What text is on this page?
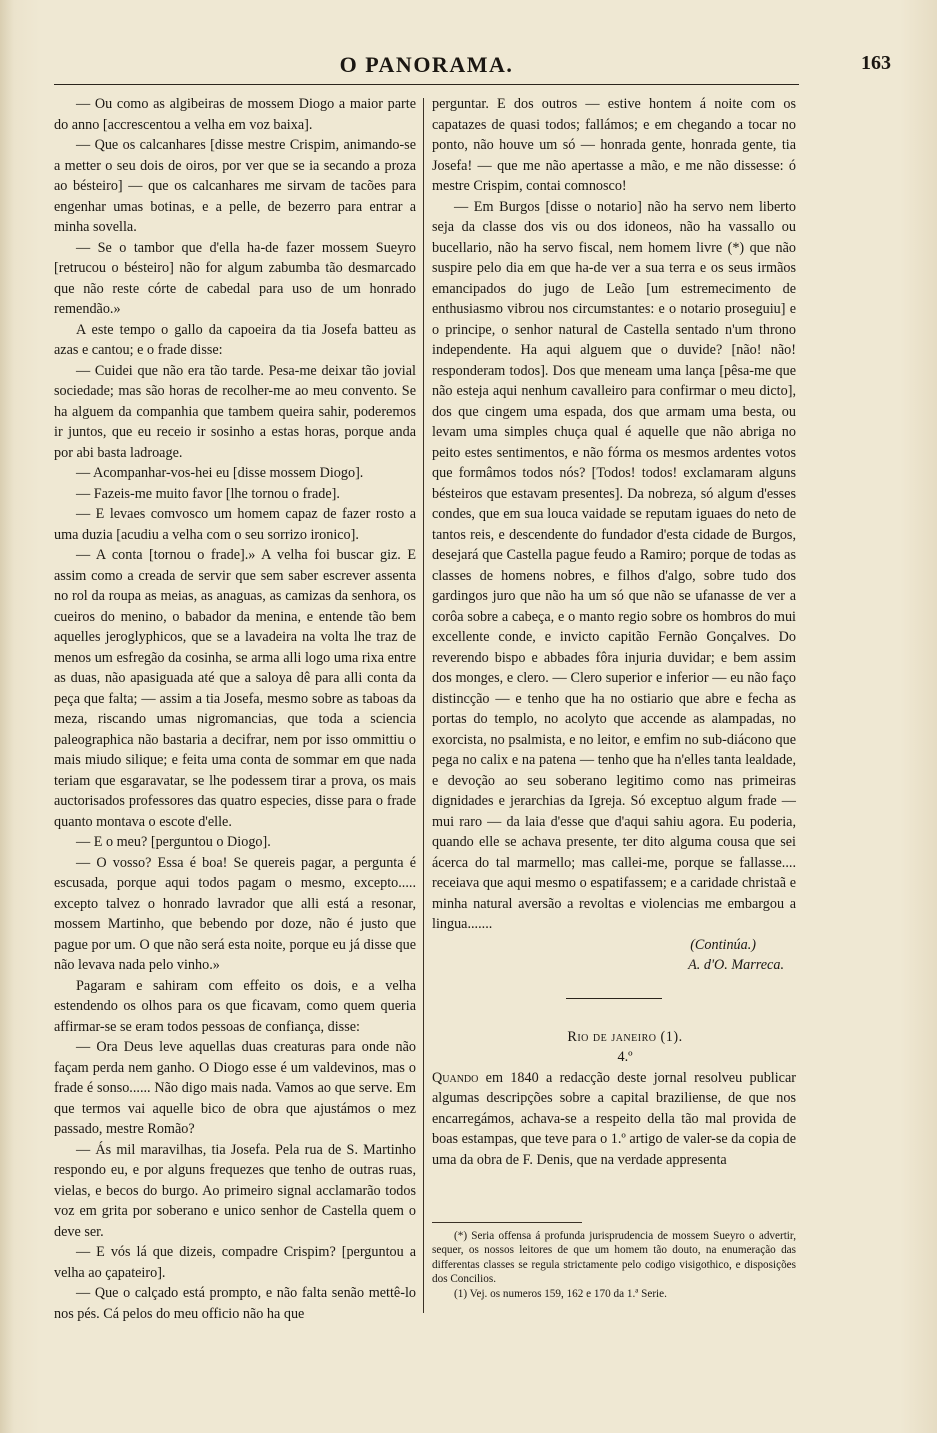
O PANORAMA.	163

— Ou como as algibeiras de mossem Diogo a maior parte do anno [accrescentou a velha em voz baixa].

— Que os calcanhares [disse mestre Crispim, animando-se a metter o seu dois de oiros, por ver que se ia secando a proza ao bésteiro] — que os calcanhares me sirvam de tacões para engenhar umas botinas, e a pelle, de bezerro para entrar a minha sovella.

— Se o tambor que d'ella ha-de fazer mossem Sueyro [retrucou o bésteiro] não for algum zabumba tão desmarcado que não reste córte de cabedal para uso de um honrado remendão.»

A este tempo o gallo da capoeira da tia Josefa batteu as azas e cantou; e o frade disse:

— Cuidei que não era tão tarde. Pesa-me deixar tão jovial sociedade; mas são horas de recolher-me ao meu convento. Se ha alguem da companhia que tambem queira sahir, poderemos ir juntos, que eu receio ir sosinho a estas horas, porque anda por abi basta ladroage.

— Acompanhar-vos-hei eu [disse mossem Diogo].

— Fazeis-me muito favor [lhe tornou o frade].

— E levaes comvosco um homem capaz de fazer rosto a uma duzia [acudiu a velha com o seu sorrizo ironico].

— A conta [tornou o frade].» A velha foi buscar giz. E assim como a creada de servir que sem saber escrever assenta no rol da roupa as meias, as anaguas, as camizas da senhora, os cueiros do menino, o babador da menina, e entende tão bem aquelles jeroglyphicos, que se a lavadeira na volta lhe traz de menos um esfregão da cosinha, se arma alli logo uma rixa entre as duas, não apasiguada até que a saloya dê para alli conta da peça que falta; — assim a tia Josefa, mesmo sobre as taboas da meza, riscando umas nigromancias, que toda a sciencia paleographica não bastaria a decifrar, nem por isso ommittiu o mais miudo silique; e feita uma conta de sommar em que nada teriam que esgaravatar, se lhe podessem tirar a prova, os mais auctorisados professores das quatro especies, disse para o frade quanto montava o escote d'elle.

— E o meu? [perguntou o Diogo].

— O vosso? Essa é boa! Se quereis pagar, a pergunta é escusada, porque aqui todos pagam o mesmo, excepto..... excepto talvez o honrado lavrador que alli está a resonar, mossem Martinho, que bebendo por doze, não é justo que pague por um. O que não será esta noite, porque eu já disse que não levava nada pelo vinho.»

Pagaram e sahiram com effeito os dois, e a velha estendendo os olhos para os que ficavam, como quem queria affirmar-se se eram todos pessoas de confiança, disse:

— Ora Deus leve aquellas duas creaturas para onde não façam perda nem ganho. O Diogo esse é um valdevinos, mas o frade é sonso...... Não digo mais nada. Vamos ao que serve. Em que termos vai aquelle bico de obra que ajustámos o mez passado, mestre Romão?

— Ás mil maravilhas, tia Josefa. Pela rua de S. Martinho respondo eu, e por alguns frequezes que tenho de outras ruas, vielas, e becos do burgo. Ao primeiro signal acclamarão todos voz em grita por soberano e unico senhor de Castella quem o deve ser.

— E vós lá que dizeis, compadre Crispim? [perguntou a velha ao çapateiro].

— Que o calçado está prompto, e não falta senão mettê-lo nos pés. Cá pelos do meu officio não ha que

perguntar. E dos outros — estive hontem á noite com os capatazes de quasi todos; fallámos; e em chegando a tocar no ponto, não houve um só — honrada gente, honrada gente, tia Josefa! — que me não apertasse a mão, e me não dissesse: ó mestre Crispim, contai comnosco!

— Em Burgos [disse o notario] não ha servo nem liberto seja da classe dos vis ou dos idoneos, não ha vassallo ou bucellario, não ha servo fiscal, nem homem livre (*) que não suspire pelo dia em que ha-de ver a sua terra e os seus irmãos emancipados do jugo de Leão [um estremecimento de enthusiasmo vibrou nos circumstantes: e o notario proseguiu] e o principe, o senhor natural de Castella sentado n'um throno independente. Ha aqui alguem que o duvide? [não! não! responderam todos]. Dos que meneam uma lança [pêsa-me que não esteja aqui nenhum cavalleiro para confirmar o meu dicto], dos que cingem uma espada, dos que armam uma besta, ou levam uma simples chuça qual é aquelle que não abriga no peito estes sentimentos, e não fórma os mesmos ardentes votos que formâmos todos nós? [Todos! todos! exclamaram alguns bésteiros que estavam presentes]. Da nobreza, só algum d'esses condes, que em sua louca vaidade se reputam iguaes do neto de tantos reis, e descendente do fundador d'esta cidade de Burgos, desejará que Castella pague feudo a Ramiro; porque de todas as classes de homens nobres, e filhos d'algo, sobre tudo dos gardingos juro que não ha um só que não se ufanasse de ver a corôa sobre a cabeça, e o manto regio sobre os hombros do mui excellente conde, e invicto capitão Fernão Gonçalves. Do reverendo bispo e abbades fôra injuria duvidar; e bem assim dos monges, e clero. — Clero superior e inferior — eu não faço distincção — e tenho que ha no ostiario que abre e fecha as portas do templo, no acolyto que accende as alampadas, no exorcista, no psalmista, e no leitor, e emfim no sub-diácono que pega no calix e na patena — tenho que ha n'elles tanta lealdade, e devoção ao seu soberano legitimo como nas primeiras dignidades e jerarchias da Igreja. Só exceptuo algum frade — mui raro — da laia d'esse que d'aqui sahiu agora. Eu poderia, quando elle se achava presente, ter dito alguma cousa que sei ácerca do tal marmello; mas callei-me, porque se fallasse.... receiava que aqui mesmo o espatifassem; e a caridade christaã e minha natural aversão a revoltas e violencias me embargou a lingua.......

(Continúa.)

A. d'O. Marreca.

Rio de janeiro (1).

4.º

Quando em 1840 a redacção deste jornal resolveu publicar algumas descripções sobre a capital braziliense, de que nos encarregámos, achava-se a respeito della tão mal provida de boas estampas, que teve para o 1.º artigo de valer-se da copia de uma da obra de F. Denis, que na verdade appresenta

(*) Seria offensa á profunda jurisprudencia de mossem Sueyro o advertir, sequer, os nossos leitores de que um homem tão douto, na enumeração das differentas classes se regula strictamente pelo codigo visigothico, e disposições dos Concilios.

(1) Vej. os numeros 159, 162 e 170 da 1.ª Serie.
